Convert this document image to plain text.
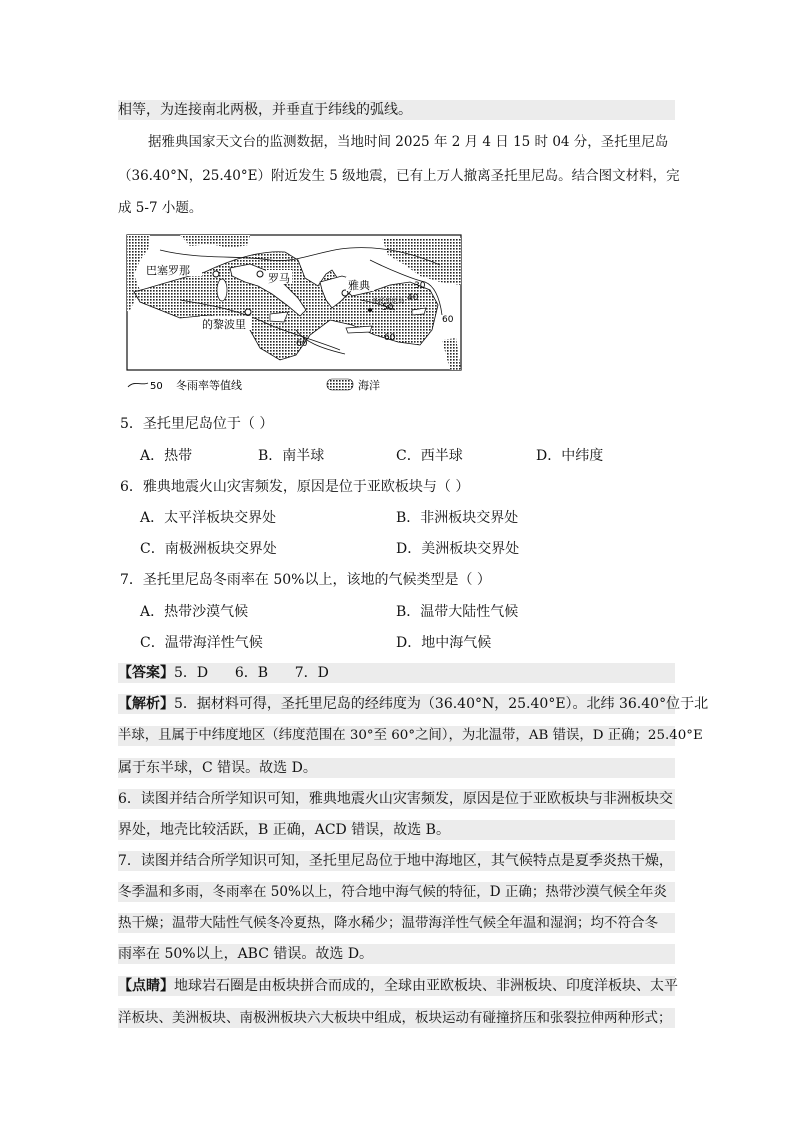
相等，为连接南北两极，并垂直于纬线的弧线。
据雅典国家天文台的监测数据，当地时间 2025 年 2 月 4 日 15 时 04 分，圣托里尼岛
（36.40°N，25.40°E）附近发生 5 级地震，已有上万人撤离圣托里尼岛。结合图文材料，完
成 5-7 小题。
巴塞罗那
罗马
雅典
的黎波里
圣托里尼岛
30
40
50
60
60
60
50 冬雨率等值线	海洋
5．圣托里尼岛位于（ ）
A．热带	B．南半球	C．西半球	D．中纬度
6．雅典地震火山灾害频发，原因是位于亚欧板块与（ ）
A．太平洋板块交界处	B．非洲板块交界处
C．南极洲板块交界处	D．美洲板块交界处
7．圣托里尼岛冬雨率在 50%以上，该地的气候类型是（ ）
A．热带沙漠气候	B．温带大陆性气候
C．温带海洋性气候	D．地中海气候
【答案】5．D      6．B      7．D
【解析】5．据材料可得，圣托里尼岛的经纬度为（36.40°N，25.40°E）。北纬 36.40°位于北
半球，且属于中纬度地区（纬度范围在 30°至 60°之间），为北温带，AB 错误，D 正确；25.40°E
属于东半球，C 错误。故选 D。
6．读图并结合所学知识可知，雅典地震火山灾害频发，原因是位于亚欧板块与非洲板块交
界处，地壳比较活跃，B 正确，ACD 错误，故选 B。
7．读图并结合所学知识可知，圣托里尼岛位于地中海地区，其气候特点是夏季炎热干燥，
冬季温和多雨，冬雨率在 50%以上，符合地中海气候的特征，D 正确；热带沙漠气候全年炎
热干燥；温带大陆性气候冬冷夏热，降水稀少；温带海洋性气候全年温和湿润；均不符合冬
雨率在 50%以上，ABC 错误。故选 D。
【点睛】地球岩石圈是由板块拼合而成的，全球由亚欧板块、非洲板块、印度洋板块、太平
洋板块、美洲板块、南极洲板块六大板块中组成，板块运动有碰撞挤压和张裂拉伸两种形式；
